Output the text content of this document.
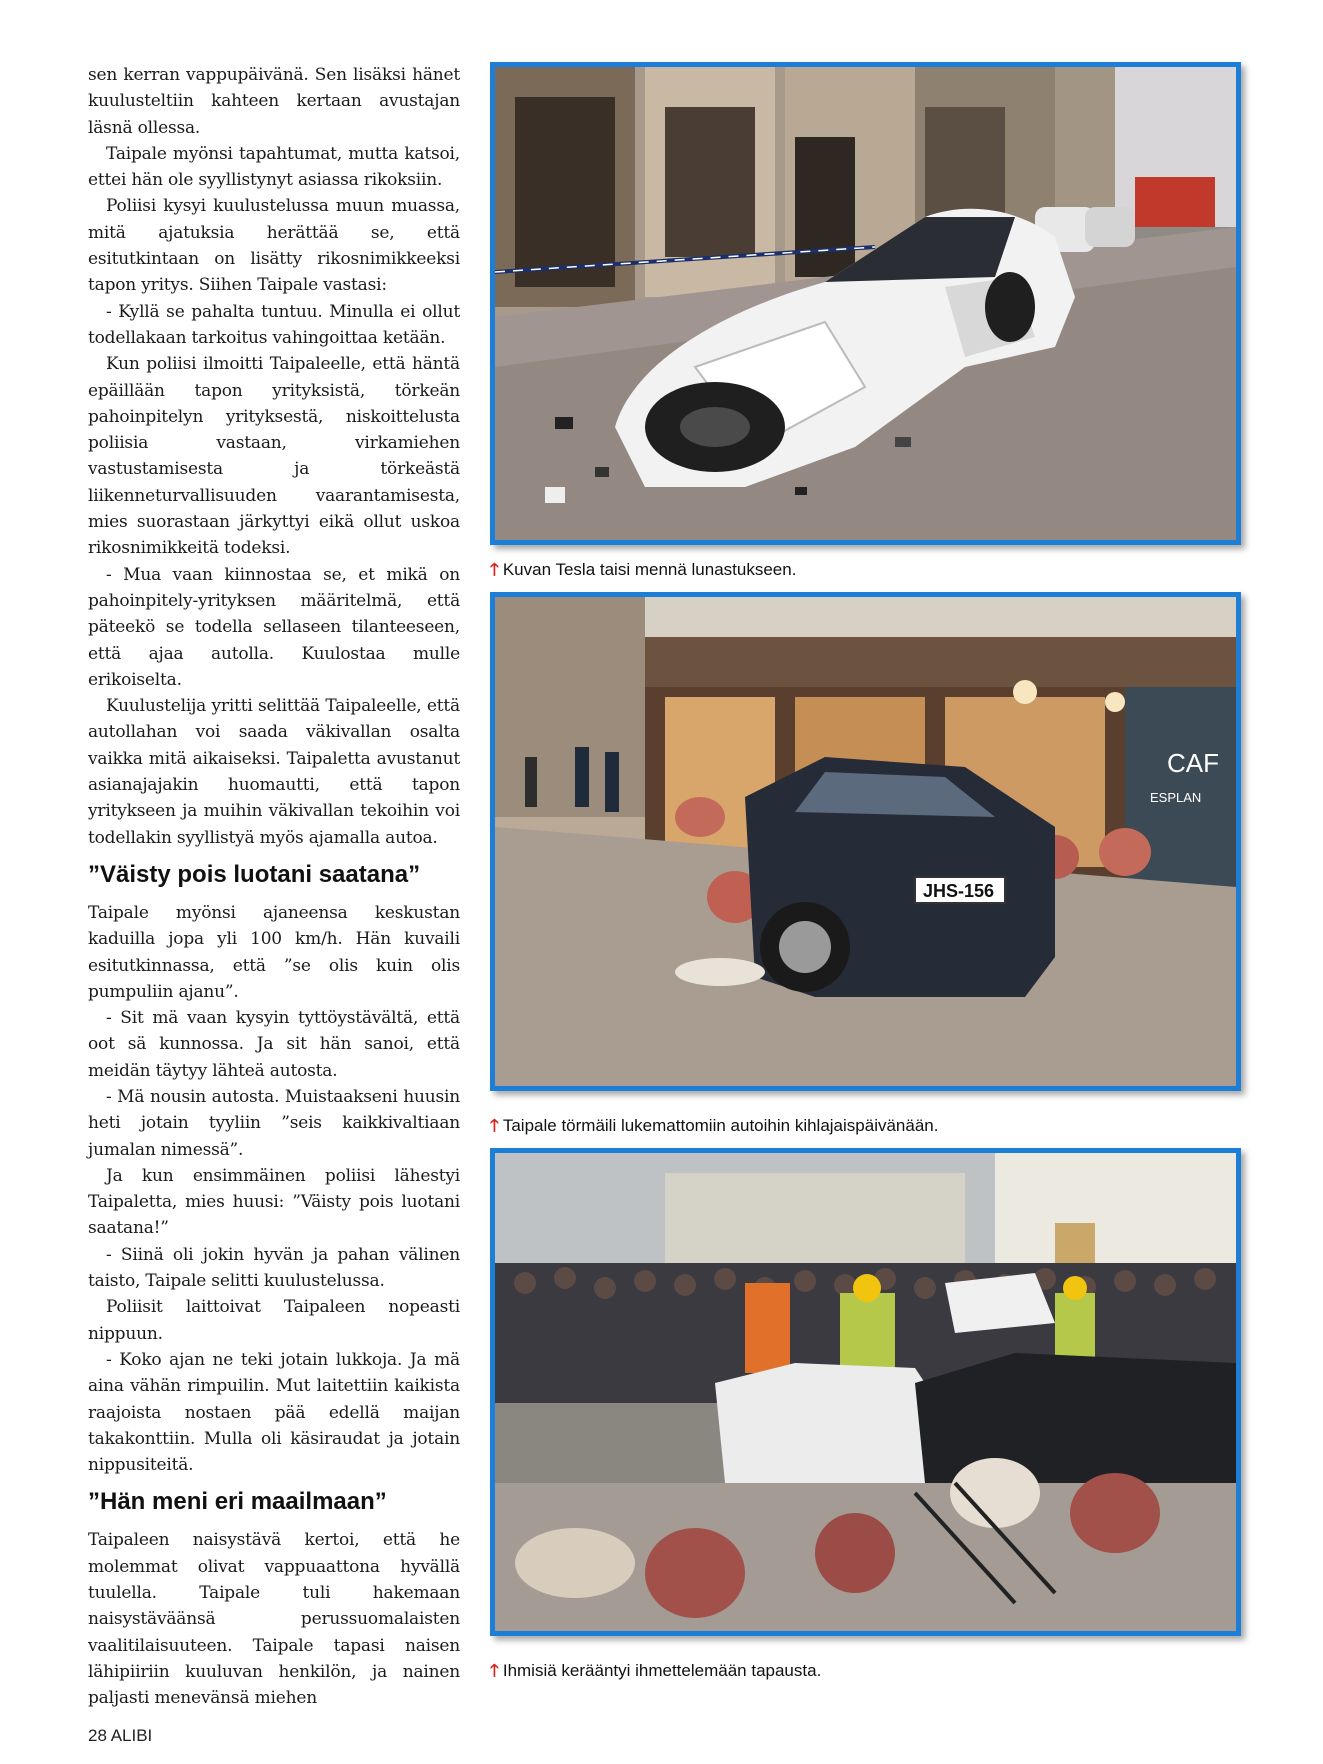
sen kerran vappupäivänä. Sen lisäksi hänet kuulusteltiin kahteen kertaan avustajan läsnä ollessa.

Taipale myönsi tapahtumat, mutta katsoi, ettei hän ole syyllistynyt asiassa rikoksiin.

Poliisi kysyi kuulustelussa muun muassa, mitä ajatuksia herättää se, että esitutkintaan on lisätty rikosnimikkeeksi tapon yritys. Siihen Taipale vastasi:

- Kyllä se pahalta tuntuu. Minulla ei ollut todellakaan tarkoitus vahingoittaa ketään.

Kun poliisi ilmoitti Taipaleelle, että häntä epäillään tapon yrityksistä, törkeän pahoinpitelyn yrityksestä, niskoittelusta poliisia vastaan, virkamiehen vastustamisesta ja törkeästä liikenneturvallisuuden vaarantamisesta, mies suorastaan järkyttyi eikä ollut uskoa rikosnimikkeitä todeksi.

- Mua vaan kiinnostaa se, et mikä on pahoinpitely-yrityksen määritelmä, että päteekö se todella sellaseen tilanteeseen, että ajaa autolla. Kuulostaa mulle erikoiselta.

Kuulustelija yritti selittää Taipaleelle, että autollahan voi saada väkivallan osalta vaikka mitä aikaiseksi. Taipaletta avustanut asianajajakin huomautti, että tapon yritykseen ja muihin väkivallan tekoihin voi todellakin syyllistyä myös ajamalla autoa.

”Väisty pois luotani saatana”

Taipale myönsi ajaneensa keskustan kaduilla jopa yli 100 km/h. Hän kuvaili esitutkinnassa, että ”se olis kuin olis pumpuliin ajanu”.

- Sit mä vaan kysyin tyttöystävältä, että oot sä kunnossa. Ja sit hän sanoi, että meidän täytyy lähteä autosta.

- Mä nousin autosta. Muistaakseni huusin heti jotain tyyliin ”seis kaikkivaltiaan jumalan nimessä”.

Ja kun ensimmäinen poliisi lähestyi Taipaletta, mies huusi: ”Väisty pois luotani saatana!”

- Siinä oli jokin hyvän ja pahan välinen taisto, Taipale selitti kuulustelussa.

Poliisit laittoivat Taipaleen nopeasti nippuun.

- Koko ajan ne teki jotain lukkoja. Ja mä aina vähän rimpuilin. Mut laitettiin kaikista raajoista nostaen pää edellä maijan takakonttiin. Mulla oli käsiraudat ja jotain nippusiteitä.

”Hän meni eri maailmaan”

Taipaleen naisystävä kertoi, että he molemmat olivat vappuaattona hyvällä tuulella. Taipale tuli hakemaan naisystäväänsä perussuomalaisten vaalitilaisuuteen. Taipale tapasi naisen lähipiiriin kuuluvan henkilön, ja nainen paljasti menevänsä miehen

28 ALIBI
🡑 Kuvan Tesla taisi mennä lunastukseen.
CAF
ESPLAN
JHS-156
🡑 Taipale törmäili lukemattomiin autoihin kihlajaispäivänään.
🡑 Ihmisiä kerääntyi ihmettelemään tapausta.
